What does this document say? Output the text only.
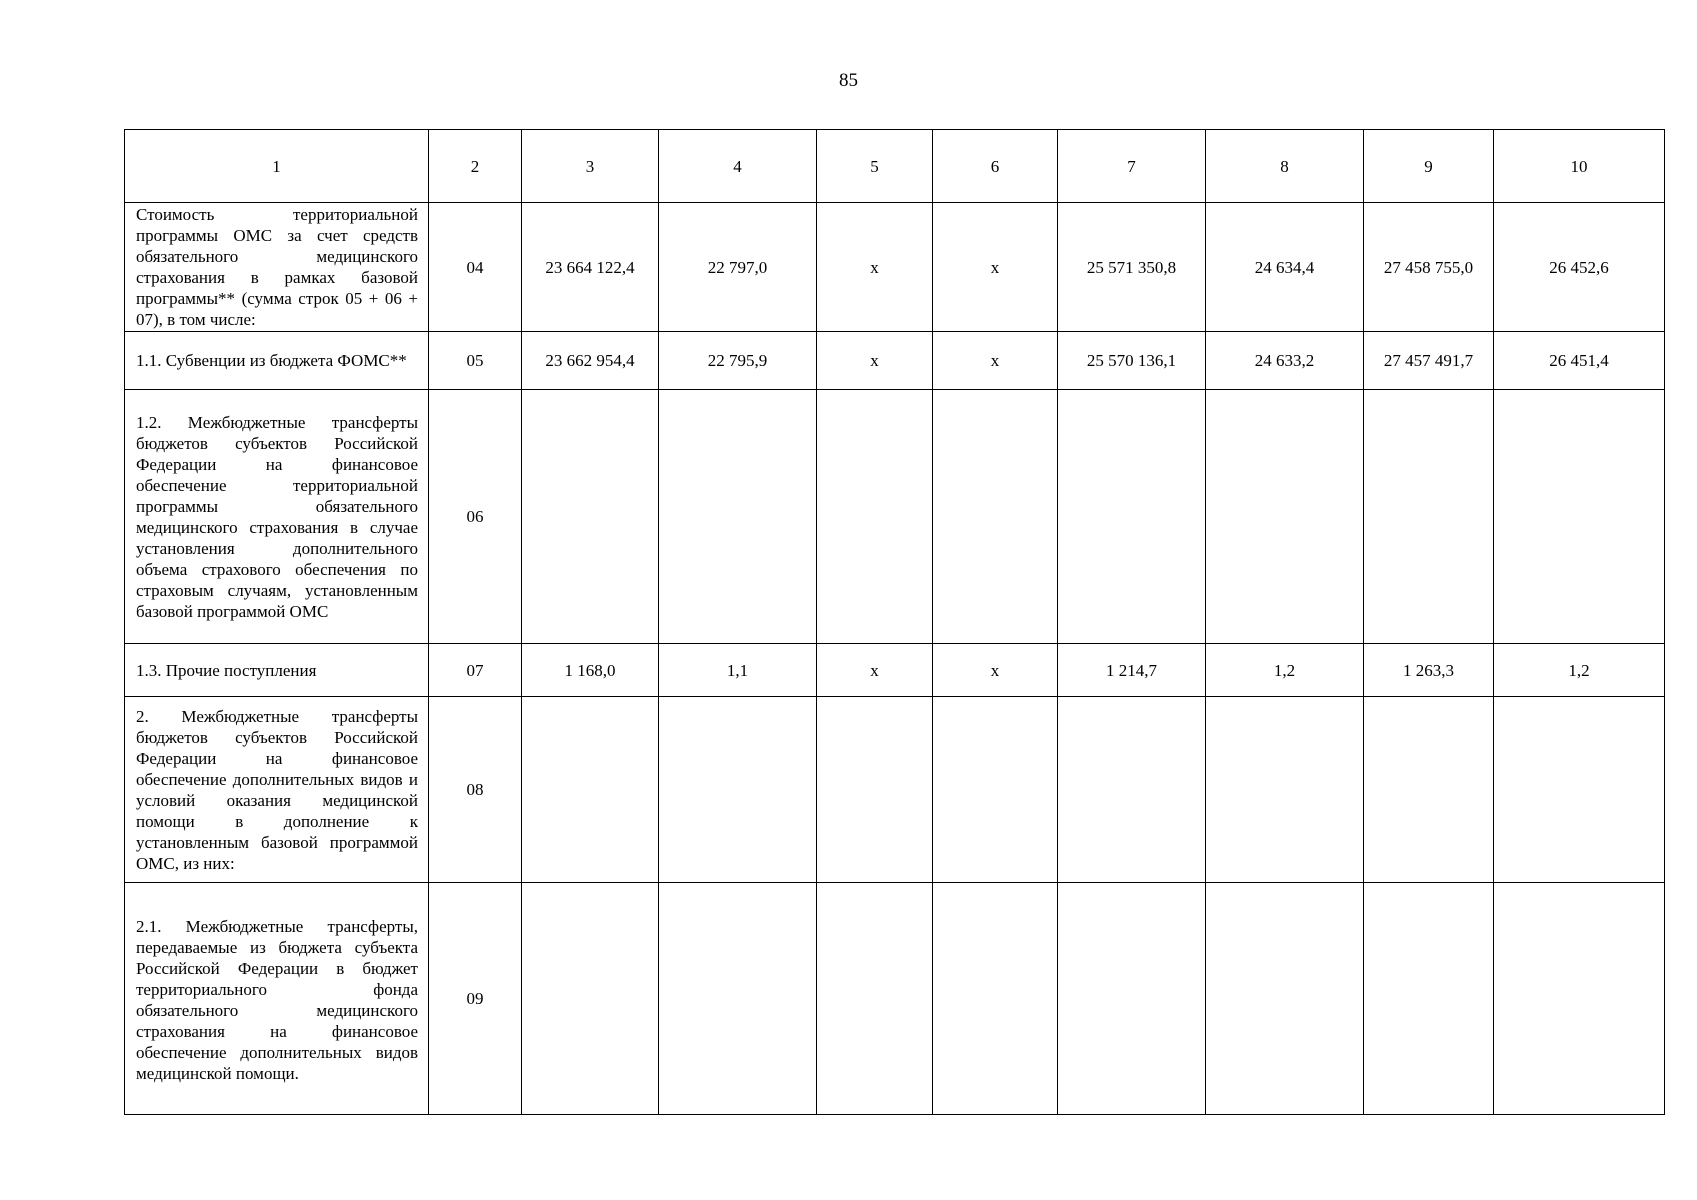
85
1	2	3	4	5	6	7	8	9	10
Стоимость территориальной программы ОМС за счет средств обязательного медицинского страхования в рамках базовой программы** (сумма строк 05 + 06 + 07), в том числе:	04	23 664 122,4	22 797,0	x	x	25 571 350,8	24 634,4	27 458 755,0	26 452,6
1.1. Субвенции из бюджета ФОМС**	05	23 662 954,4	22 795,9	x	x	25 570 136,1	24 633,2	27 457 491,7	26 451,4
1.2. Межбюджетные трансферты бюджетов субъектов Российской Федерации на финансовое обеспечение территориальной программы обязательного медицинского страхования в случае установления дополнительного объема страхового обеспечения по страховым случаям, установленным базовой программой ОМС	06								
1.3. Прочие поступления	07	1 168,0	1,1	x	x	1 214,7	1,2	1 263,3	1,2
2. Межбюджетные трансферты бюджетов субъектов Российской Федерации на финансовое обеспечение дополнительных видов и условий оказания медицинской помощи в дополнение к установленным базовой программой ОМС, из них:	08								
2.1. Межбюджетные трансферты, передаваемые из бюджета субъекта Российской Федерации в бюджет территориального фонда обязательного медицинского страхования на финансовое обеспечение дополнительных видов медицинской помощи.	09								
